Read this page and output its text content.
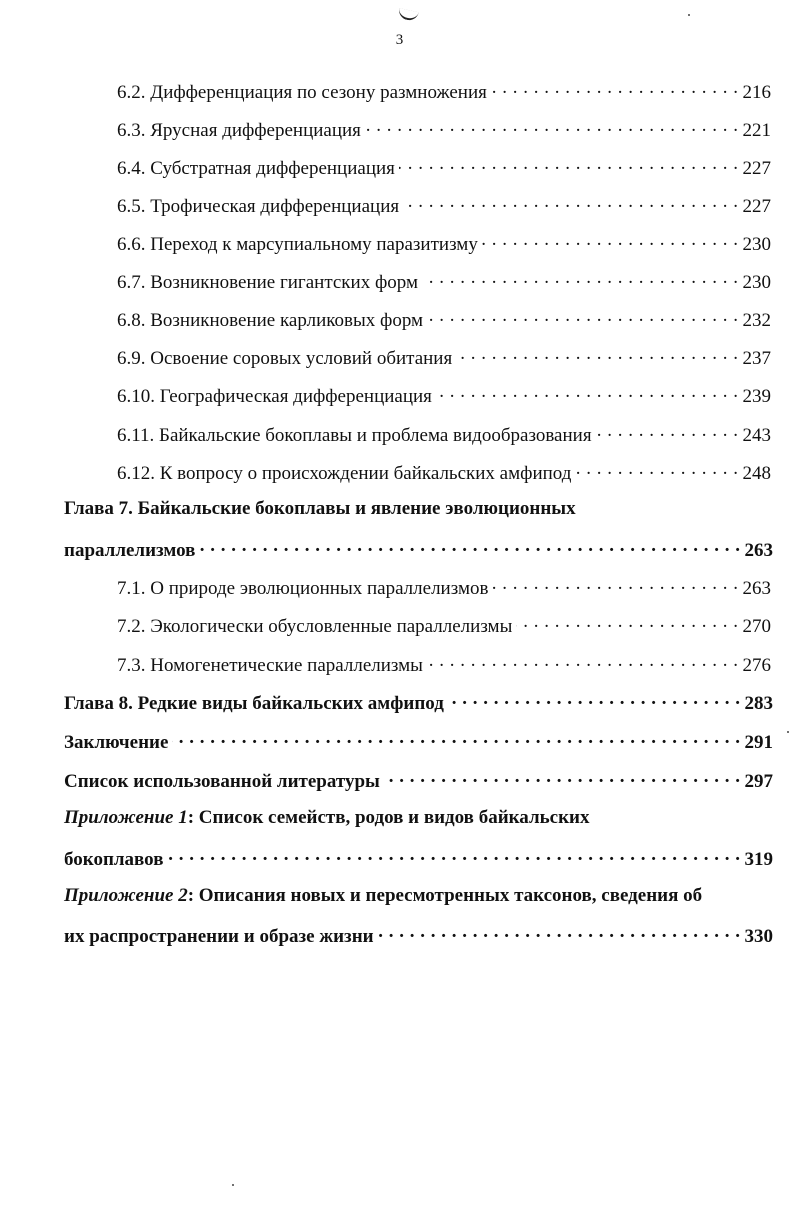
3
6.2. Дифференциация по сезону размножения . . .	216
6.3. Ярусная дифференциация . . .	221
6.4. Субстратная дифференциация . . .	227
6.5. Трофическая дифференциация . . .	227
6.6. Переход к марсупиальному паразитизму . . .	230
6.7. Возникновение гигантских форм . . .	230
6.8. Возникновение карликовых форм . . .	232
6.9. Освоение соровых условий обитания . . .	237
6.10. Географическая дифференциация . . .	239
6.11. Байкальские бокоплавы и проблема видообразования . . .	243
6.12. К вопросу о происхождении байкальских амфипод . . .	248
Глава 7. Байкальские бокоплавы и явление эволюционных
параллелизмов . . .	263
7.1. О природе эволюционных параллелизмов . . .	263
7.2. Экологически обусловленные параллелизмы . . .	270
7.3. Номогенетические параллелизмы . . .	276
Глава 8. Редкие виды байкальских амфипод . . .	283
Заключение . . .	291
Список использованной литературы . . .	297
Приложение 1: Список семейств, родов и видов байкальских
бокоплавов . . .	319
Приложение 2: Описания новых и пересмотренных таксонов, сведения об
их распространении и образе жизни . . .	330
